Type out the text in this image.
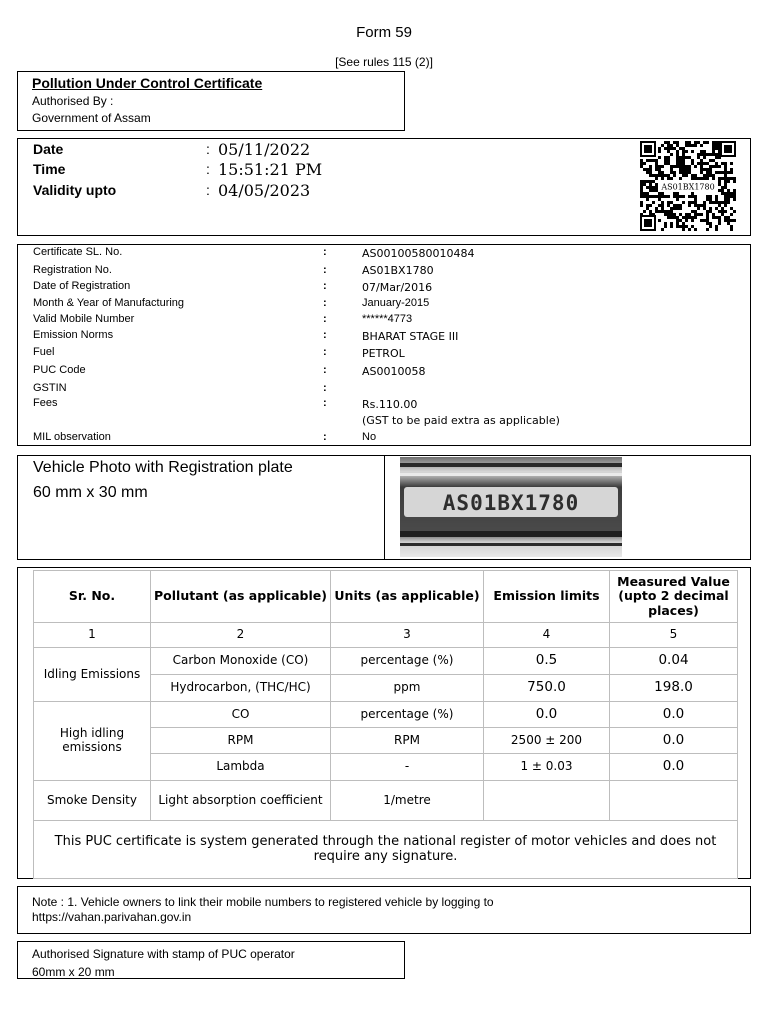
Form 59
[See rules 115 (2)]
Pollution Under Control Certificate
Authorised By :
Government of Assam
Date	: 05/11/2022
Time	: 15:51:21 PM
Validity upto	: 04/05/2023	AS01BX1780
Certificate SL. No.	:	AS00100580010484
Registration No.	:	AS01BX1780
Date of Registration	:	07/Mar/2016
Month & Year of Manufacturing	:	January-2015
Valid Mobile Number	:	******4773
Emission Norms	:	BHARAT STAGE III
Fuel	:	PETROL
PUC Code	:	AS0010058
GSTIN	:
Fees	:	Rs.110.00
MIL observation	:	No
(GST to be paid extra as applicable)
Vehicle Photo with Registration plate
60 mm x 30 mm	AS01BX1780
Sr. No.	Pollutant (as applicable)	Units (as applicable)	Emission limits	Measured Value (upto 2 decimal places)
1	2	3	4	5
Idling Emissions	Carbon Monoxide (CO)	percentage (%)	0.5	0.04
	Hydrocarbon, (THC/HC)	ppm	750.0	198.0
High idling emissions	CO	percentage (%)	0.0	0.0
	RPM	RPM	2500 ± 200	0.0
	Lambda	-	1 ± 0.03	0.0
Smoke Density	Light absorption coefficient	1/metre		
This PUC certificate is system generated through the national register of motor vehicles and does not require any signature.				
Note : 1. Vehicle owners to link their mobile numbers to registered vehicle by logging to
https://vahan.parivahan.gov.in
Authorised Signature with stamp of PUC operator
60mm x 20 mm
